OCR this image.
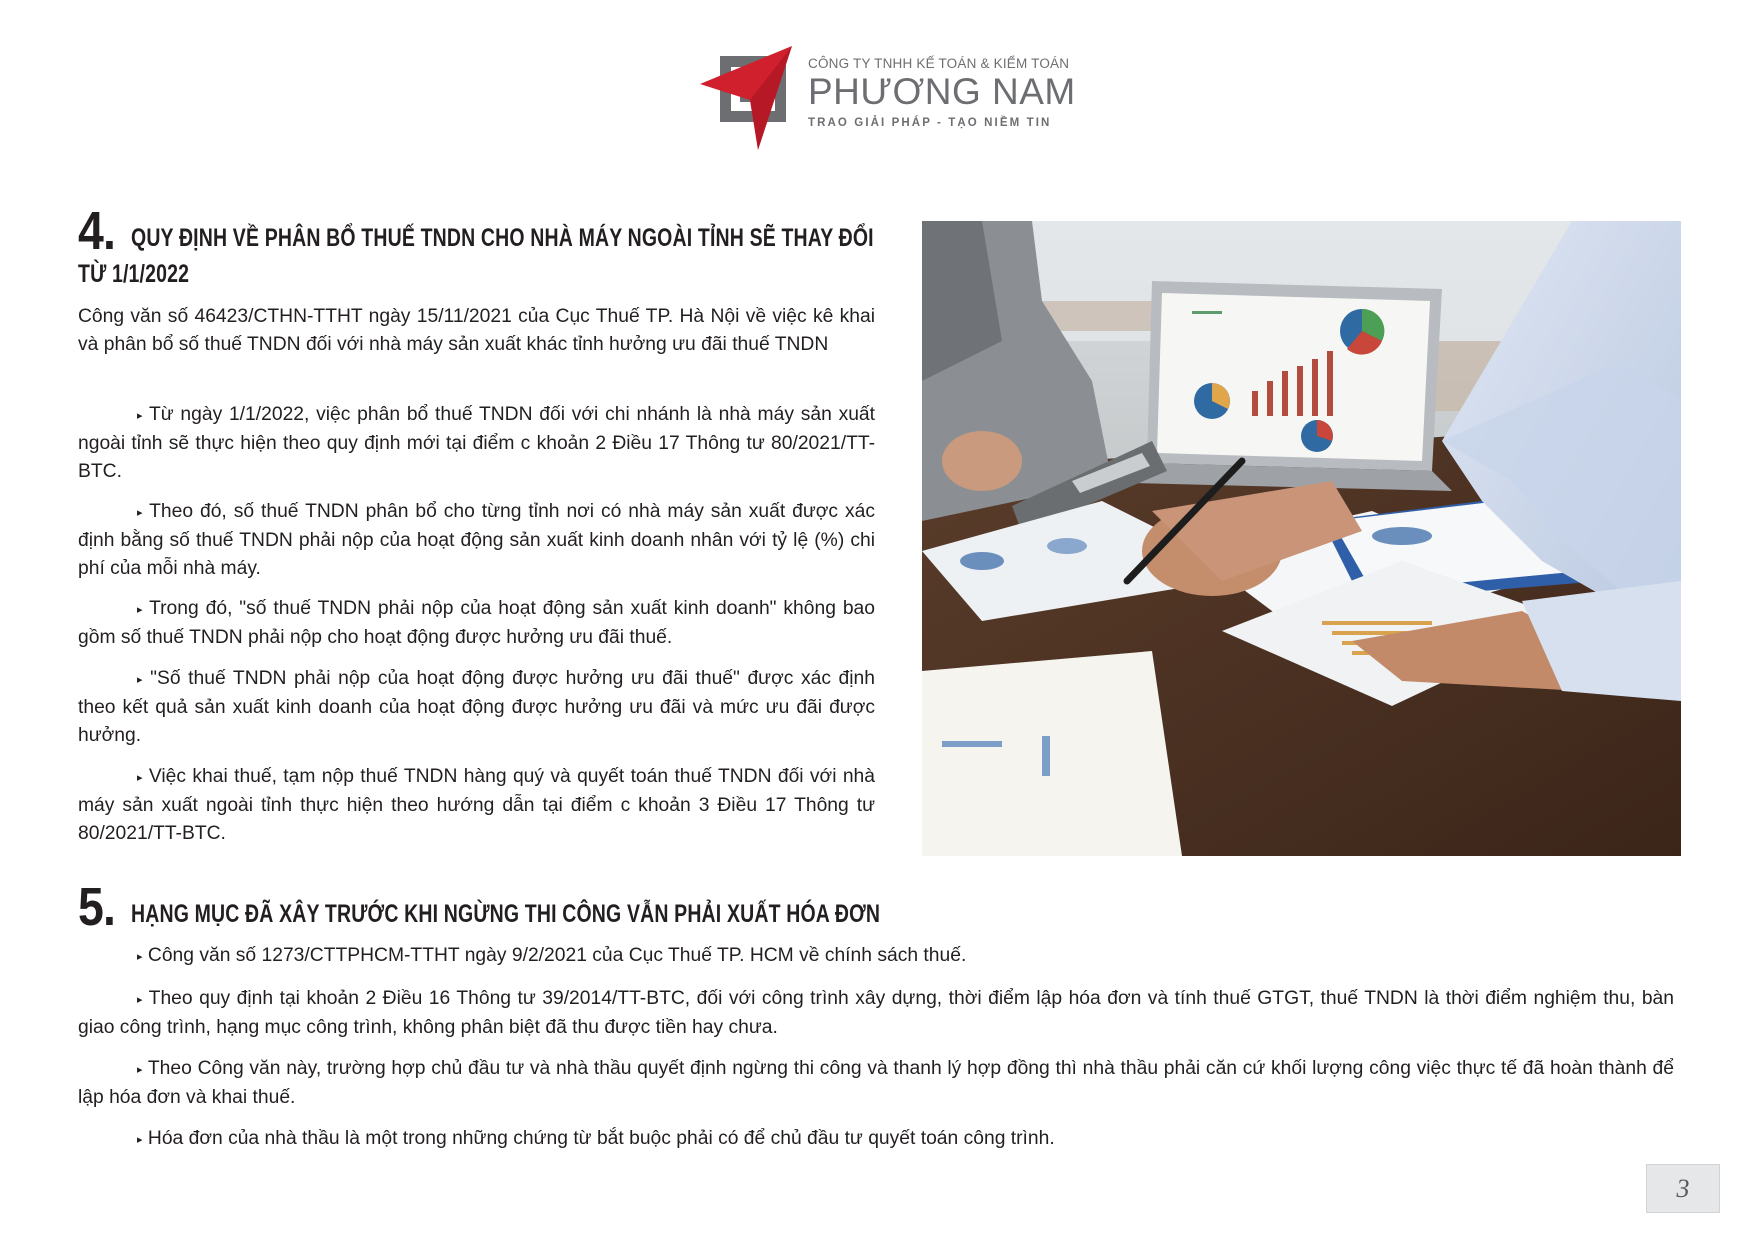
CÔNG TY TNHH KẾ TOÁN & KIỂM TOÁN
PHƯƠNG NAM
TRAO GIẢI PHÁP - TẠO NIỀM TIN
4. QUY ĐỊNH VỀ PHÂN BỔ THUẾ TNDN CHO NHÀ MÁY NGOÀI TỈNH SẼ THAY ĐỔI
TỪ 1/1/2022

Công văn số 46423/CTHN-TTHT ngày 15/11/2021 của Cục Thuế TP. Hà Nội về việc kê khai và phân bổ số thuế TNDN đối với nhà máy sản xuất khác tỉnh hưởng ưu đãi thuế TNDN

▸ Từ ngày 1/1/2022, việc phân bổ thuế TNDN đối với chi nhánh là nhà máy sản xuất ngoài tỉnh sẽ thực hiện theo quy định mới tại điểm c khoản 2 Điều 17 Thông tư 80/2021/TT-BTC.

▸ Theo đó, số thuế TNDN phân bổ cho từng tỉnh nơi có nhà máy sản xuất được xác định bằng số thuế TNDN phải nộp của hoạt động sản xuất kinh doanh nhân với tỷ lệ (%) chi phí của mỗi nhà máy.

▸ Trong đó, "số thuế TNDN phải nộp của hoạt động sản xuất kinh doanh" không bao gồm số thuế TNDN phải nộp cho hoạt động được hưởng ưu đãi thuế.

▸ "Số thuế TNDN phải nộp của hoạt động được hưởng ưu đãi thuế" được xác định theo kết quả sản xuất kinh doanh của hoạt động được hưởng ưu đãi và mức ưu đãi được hưởng.

▸ Việc khai thuế, tạm nộp thuế TNDN hàng quý và quyết toán thuế TNDN đối với nhà máy sản xuất ngoài tỉnh thực hiện theo hướng dẫn tại điểm c khoản 3 Điều 17 Thông tư 80/2021/TT-BTC.

5. HẠNG MỤC ĐÃ XÂY TRƯỚC KHI NGỪNG THI CÔNG VẪN PHẢI XUẤT HÓA ĐƠN

▸ Công văn số 1273/CTTPHCM-TTHT ngày 9/2/2021 của Cục Thuế TP. HCM về chính sách thuế.

▸ Theo quy định tại khoản 2 Điều 16 Thông tư 39/2014/TT-BTC, đối với công trình xây dựng, thời điểm lập hóa đơn và tính thuế GTGT, thuế TNDN là thời điểm nghiệm thu, bàn giao công trình, hạng mục công trình, không phân biệt đã thu được tiền hay chưa.

▸ Theo Công văn này, trường hợp chủ đầu tư và nhà thầu quyết định ngừng thi công và thanh lý hợp đồng thì nhà thầu phải căn cứ khối lượng công việc thực tế đã hoàn thành để lập hóa đơn và khai thuế.

▸ Hóa đơn của nhà thầu là một trong những chứng từ bắt buộc phải có để chủ đầu tư quyết toán công trình.

3
